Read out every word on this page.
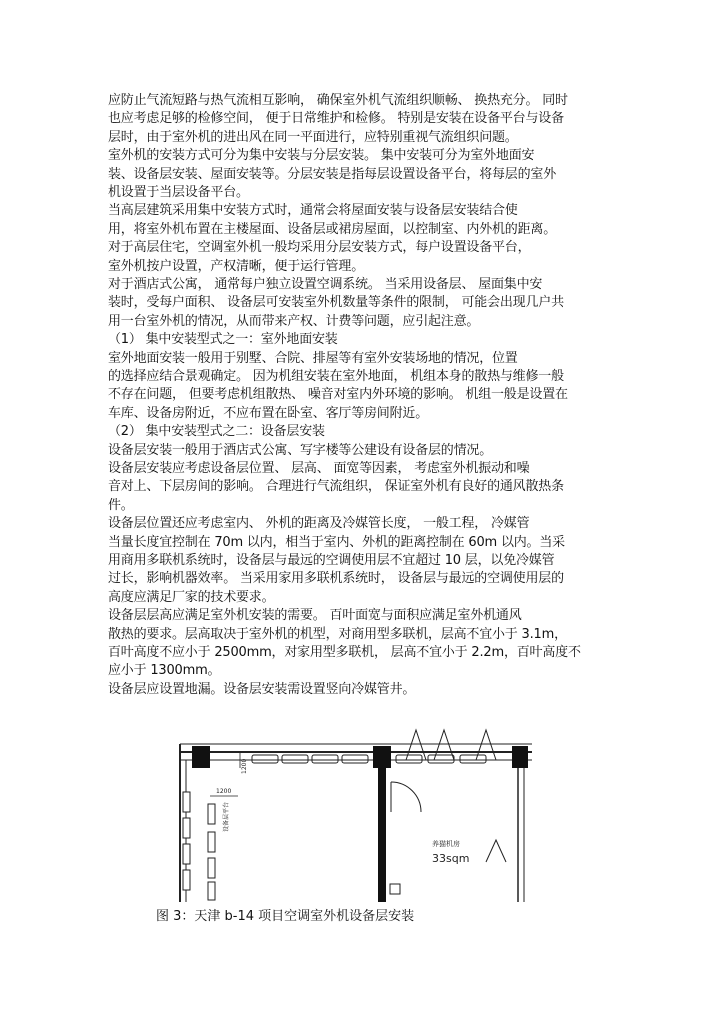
应防止气流短路与热气流相互影响， 确保室外机气流组织顺畅、 换热充分。 同时
也应考虑足够的检修空间， 便于日常维护和检修。 特别是安装在设备平台与设备
层时，由于室外机的进出风在同一平面进行，应特别重视气流组织问题。
室外机的安装方式可分为集中安装与分层安装。 集中安装可分为室外地面安
装、设备层安装、屋面安装等。分层安装是指每层设置设备平台，将每层的室外
机设置于当层设备平台。
当高层建筑采用集中安装方式时，通常会将屋面安装与设备层安装结合使
用，将室外机布置在主楼屋面、设备层或裙房屋面，以控制室、内外机的距离。
对于高层住宅，空调室外机一般均采用分层安装方式，每户设置设备平台，
室外机按户设置，产权清晰，便于运行管理。
对于酒店式公寓， 通常每户独立设置空调系统。 当采用设备层、 屋面集中安
装时，受每户面积、 设备层可安装室外机数量等条件的限制， 可能会出现几户共
用一台室外机的情况，从而带来产权、计费等问题，应引起注意。
（1） 集中安装型式之一：室外地面安装
室外地面安装一般用于别墅、合院、排屋等有室外安装场地的情况，位置
的选择应结合景观确定。 因为机组安装在室外地面， 机组本身的散热与维修一般
不存在问题， 但要考虑机组散热、 噪音对室内外环境的影响。 机组一般是设置在
车库、设备房附近，不应布置在卧室、客厅等房间附近。
（2） 集中安装型式之二：设备层安装
设备层安装一般用于酒店式公寓、写字楼等公建设有设备层的情况。
设备层安装应考虑设备层位置、 层高、 面宽等因素， 考虑室外机振动和噪
音对上、下层房间的影响。 合理进行气流组织， 保证室外机有良好的通风散热条
件。
设备层位置还应考虑室内、 外机的距离及冷媒管长度， 一般工程， 冷媒管
当量长度宜控制在 70m 以内，相当于室内、外机的距离控制在 60m 以内。当采
用商用多联机系统时，设备层与最远的空调使用层不宜超过 10 层，以免冷媒管
过长，影响机器效率。 当采用家用多联机系统时， 设备层与最远的空调使用层的
高度应满足厂家的技术要求。
设备层层高应满足室外机安装的需要。 百叶面宽与面积应满足室外机通风
散热的要求。层高取决于室外机的机型，对商用型多联机，层高不宜小于 3.1m，
百叶高度不应小于 2500mm，对家用型多联机， 层高不宜小于 2.2m，百叶高度不
应小于 1300mm。
设备层应设置地漏。设备层安装需设置竖向冷媒管井。
1200
1200
设备层平台
养猫机房
33sqm
图 3：天津 b-14 项目空调室外机设备层安装
